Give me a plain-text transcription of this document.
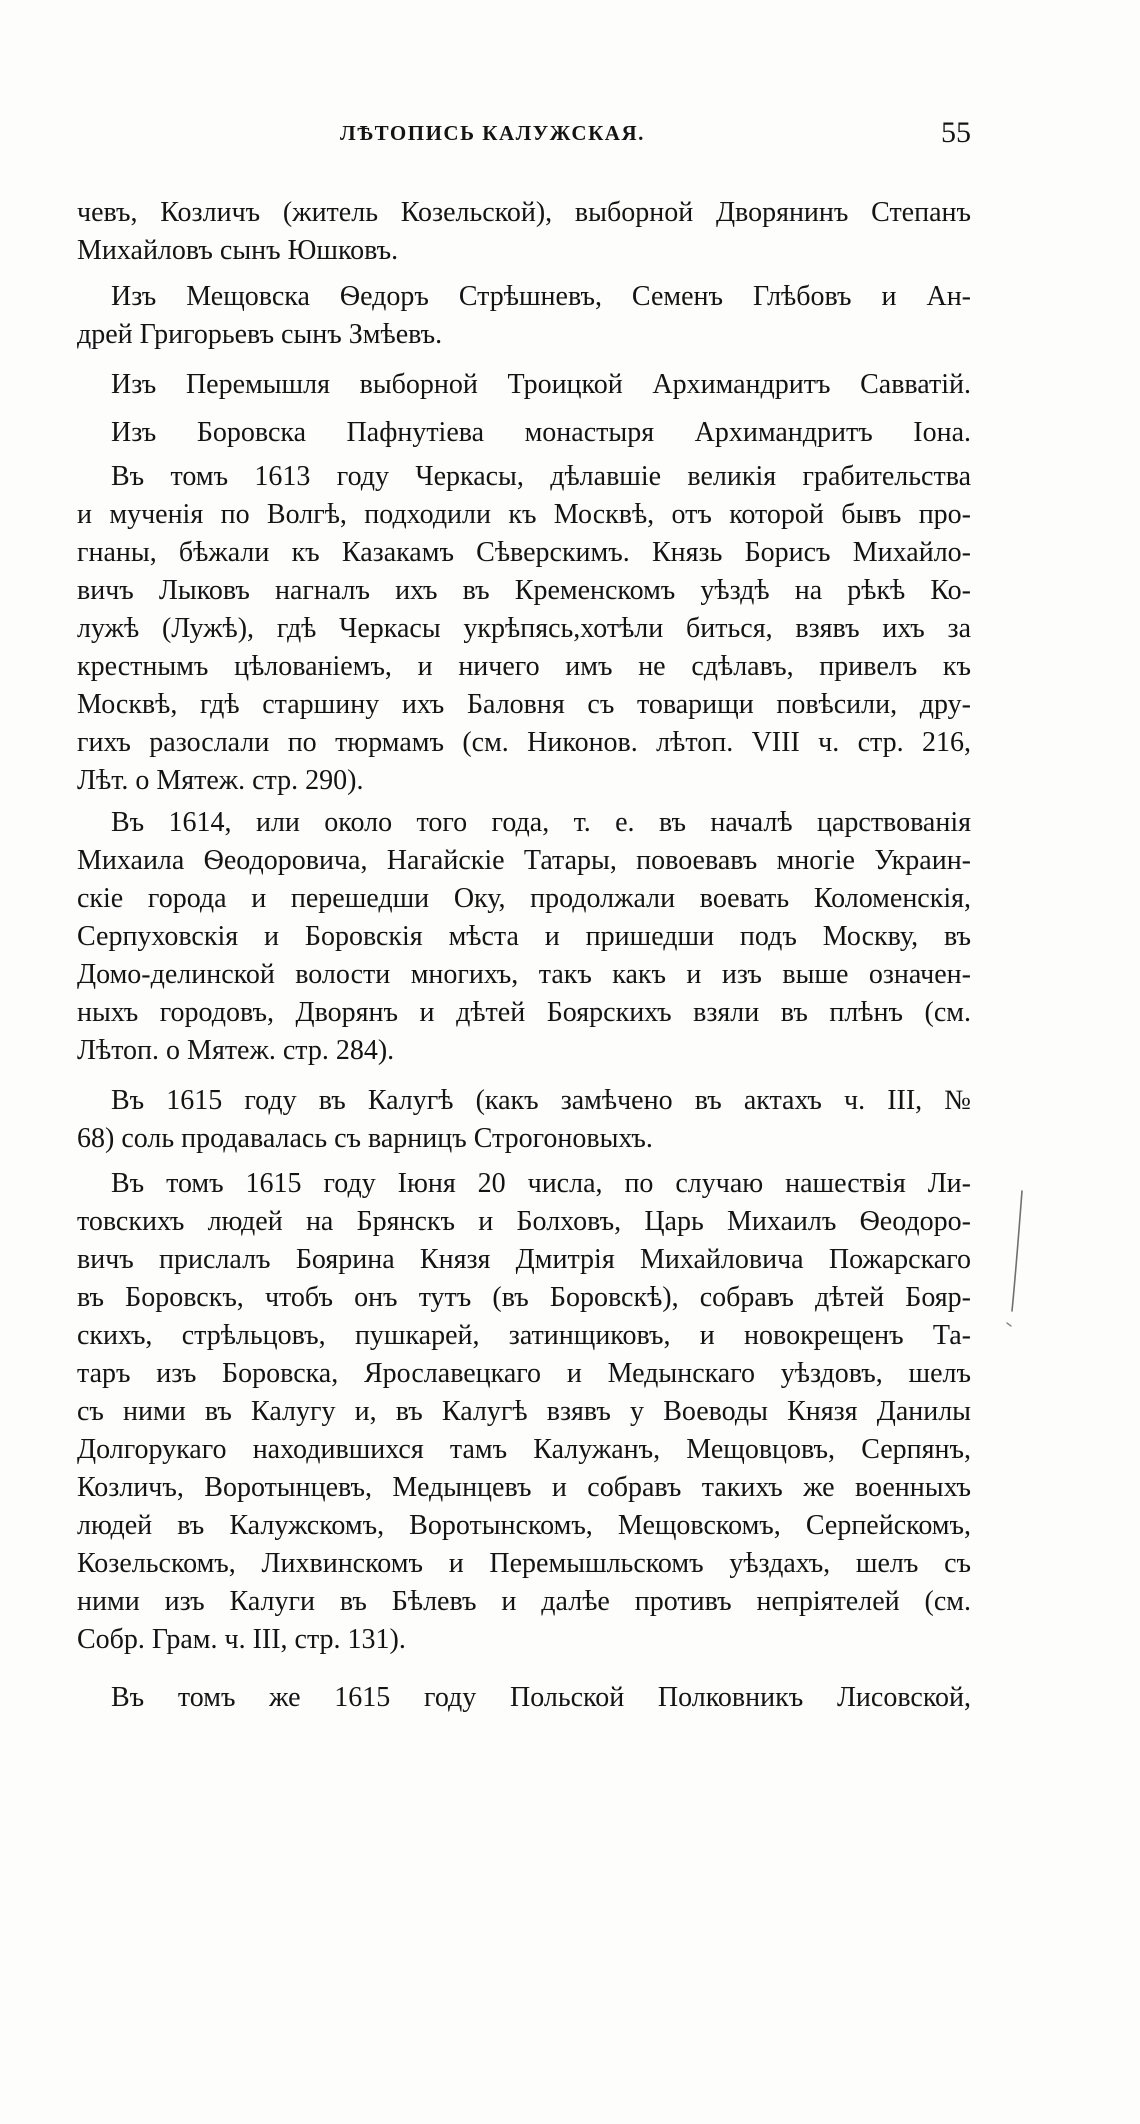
ЛѢТОПИСЬ КАЛУЖСКАЯ.	55
чевъ, Козличъ (житель Козельской), выборной Дворянинъ Степанъ
Михайловъ сынъ Юшковъ.
Изъ Мещовска Ѳедоръ Стрѣшневъ, Семенъ Глѣбовъ и Ан-
дрей Григорьевъ сынъ Змѣевъ.
Изъ Перемышля выборной Троицкой Архимандритъ Савватій.
Изъ Боровска Пафнутіева монастыря Архимандритъ Іона.
Въ томъ 1613 году Черкасы, дѣлавшіе великія грабительства
и мученія по Волгѣ, подходили къ Москвѣ, отъ которой бывъ про-
гнаны, бѣжали къ Казакамъ Сѣверскимъ. Князь Борисъ Михайло-
вичъ Лыковъ нагналъ ихъ въ Кременскомъ уѣздѣ на рѣкѣ Ко-
лужѣ (Лужѣ), гдѣ Черкасы укрѣпясь,хотѣли биться, взявъ ихъ за
крестнымъ цѣлованіемъ, и ничего имъ не сдѣлавъ, привелъ къ
Москвѣ, гдѣ старшину ихъ Баловня съ товарищи повѣсили, дру-
гихъ разослали по тюрмамъ (см. Никонов. лѣтоп. VIII ч. стр. 216,
Лѣт. о Мятеж. стр. 290).
Въ 1614, или около того года, т. е. въ началѣ царствованія
Михаила Ѳеодоровича, Нагайскіе Татары, повоевавъ многіе Украин-
скіе города и перешедши Оку, продолжали воевать Коломенскія,
Серпуховскія и Боровскія мѣста и пришедши подъ Москву, въ
Домо-делинской волости многихъ, такъ какъ и изъ выше означен-
ныхъ городовъ, Дворянъ и дѣтей Боярскихъ взяли въ плѣнъ (см.
Лѣтоп. о Мятеж. стр. 284).
Въ 1615 году въ Калугѣ (какъ замѣчено въ актахъ ч. III, №
68) соль продавалась съ варницъ Строгоновыхъ.
Въ томъ 1615 году Іюня 20 числа, по случаю нашествія Ли-
товскихъ людей на Брянскъ и Болховъ, Царь Михаилъ Ѳеодоро-
вичъ прислалъ Боярина Князя Дмитрія Михайловича Пожарскаго
въ Боровскъ, чтобъ онъ тутъ (въ Боровскѣ), собравъ дѣтей Бояр-
скихъ, стрѣльцовъ, пушкарей, затинщиковъ, и новокрещенъ Та-
таръ изъ Боровска, Ярославецкаго и Медынскаго уѣздовъ, шелъ
съ ними въ Калугу и, въ Калугѣ взявъ у Воеводы Князя Данилы
Долгорукаго находившихся тамъ Калужанъ, Мещовцовъ, Серпянъ,
Козличъ, Воротынцевъ, Медынцевъ и собравъ такихъ же военныхъ
людей въ Калужскомъ, Воротынскомъ, Мещовскомъ, Серпейскомъ,
Козельскомъ, Лихвинскомъ и Перемышльскомъ уѣздахъ, шелъ съ
ними изъ Калуги въ Бѣлевъ и далѣе противъ непріятелей (см.
Собр. Грам. ч. III, стр. 131).
Въ томъ же 1615 году Польской Полковникъ Лисовской,
